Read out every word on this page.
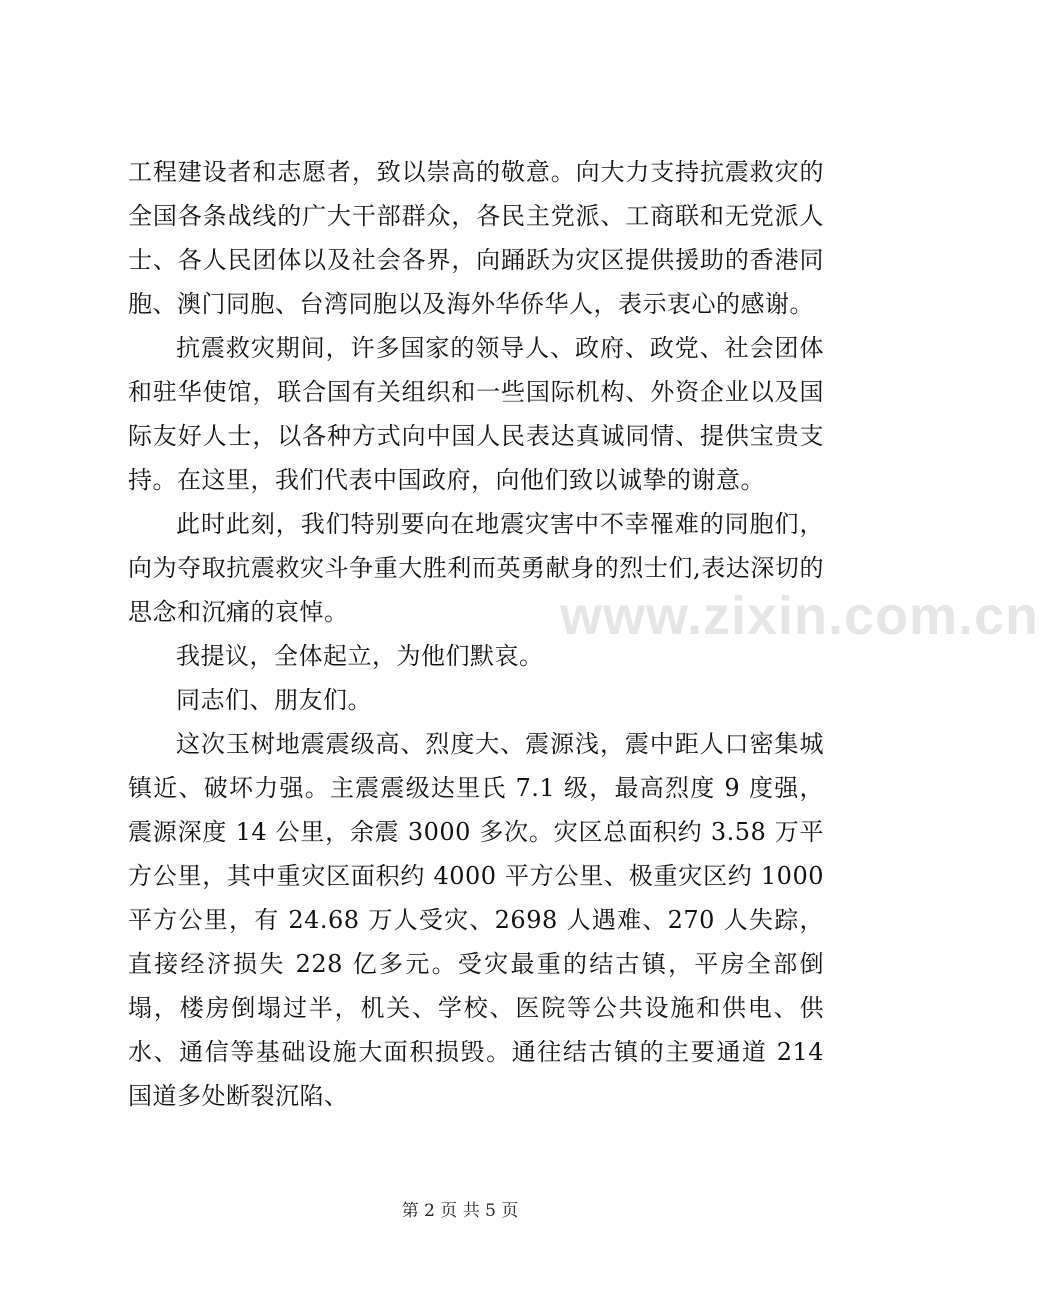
工程建设者和志愿者，致以崇高的敬意。向大力支持抗震救灾的全国各条战线的广大干部群众，各民主党派、工商联和无党派人士、各人民团体以及社会各界，向踊跃为灾区提供援助的香港同胞、澳门同胞、台湾同胞以及海外华侨华人，表示衷心的感谢。

抗震救灾期间，许多国家的领导人、政府、政党、社会团体和驻华使馆，联合国有关组织和一些国际机构、外资企业以及国际友好人士，以各种方式向中国人民表达真诚同情、提供宝贵支持。在这里，我们代表中国政府，向他们致以诚挚的谢意。

此时此刻，我们特别要向在地震灾害中不幸罹难的同胞们，向为夺取抗震救灾斗争重大胜利而英勇献身的烈士们,表达深切的思念和沉痛的哀悼。

我提议，全体起立，为他们默哀。

同志们、朋友们。

这次玉树地震震级高、烈度大、震源浅，震中距人口密集城镇近、破坏力强。主震震级达里氏 7.1 级，最高烈度 9 度强，震源深度 14 公里，余震 3000 多次。灾区总面积约 3.58 万平方公里，其中重灾区面积约 4000 平方公里、极重灾区约 1000 平方公里，有 24.68 万人受灾、2698 人遇难、270 人失踪，直接经济损失 228 亿多元。受灾最重的结古镇，平房全部倒塌，楼房倒塌过半，机关、学校、医院等公共设施和供电、供水、通信等基础设施大面积损毁。通往结古镇的主要通道 214 国道多处断裂沉陷、

www.zixin.com.cn
第 2 页 共 5 页
